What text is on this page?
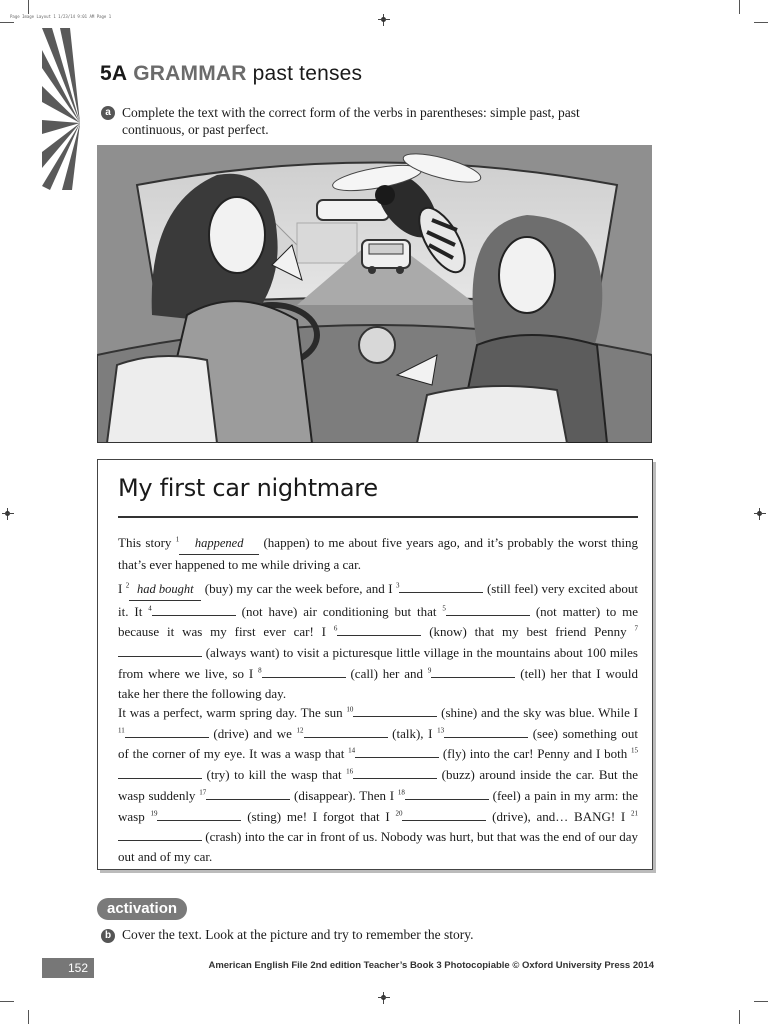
Page Image Layout 1 1/23/14 9:01 AM Page 1
5A GRAMMAR past tenses
a Complete the text with the correct form of the verbs in parentheses: simple past, past continuous, or past perfect.
My first car nightmare
This story $^1$ happened (happen) to me about five years ago, and it’s probably the worst thing that’s ever happened to me while driving a car.
I $^2$ had bought (buy) my car the week before, and I $^3$	(still feel) very excited about it. It $^4$	(not have) air conditioning but that $^5$	(not matter) to me because it was my first ever car! I $^6$	(know) that my best friend Penny $^7$ (always want) to visit a picturesque little village in the mountains about 100 miles from where we live, so I $^8$	(call) her and $^9$	(tell) her that I would take her there the following day.
It was a perfect, warm spring day. The sun $^{10}$	(shine) and the sky was blue. While I $^{11}$	(drive) and we $^{12}$	(talk), I $^{13}$	(see) something out of the corner of my eye. It was a wasp that $^{14}$	(fly) into the car! Penny and I both $^{15}$ (try) to kill the wasp that $^{16}$	(buzz) around inside the car. But the wasp suddenly $^{17}$	(disappear). Then I $^{18}$	(feel) a pain in my arm: the wasp $^{19}$	(sting) me! I forgot that I $^{20}$	(drive), and… BANG! I $^{21}$ (crash) into the car in front of us. Nobody was hurt, but that was the end of our day out and of my car.
activation
b Cover the text. Look at the picture and try to remember the story.
152	American English File 2nd edition Teacher’s Book 3 Photocopiable © Oxford University Press 2014
